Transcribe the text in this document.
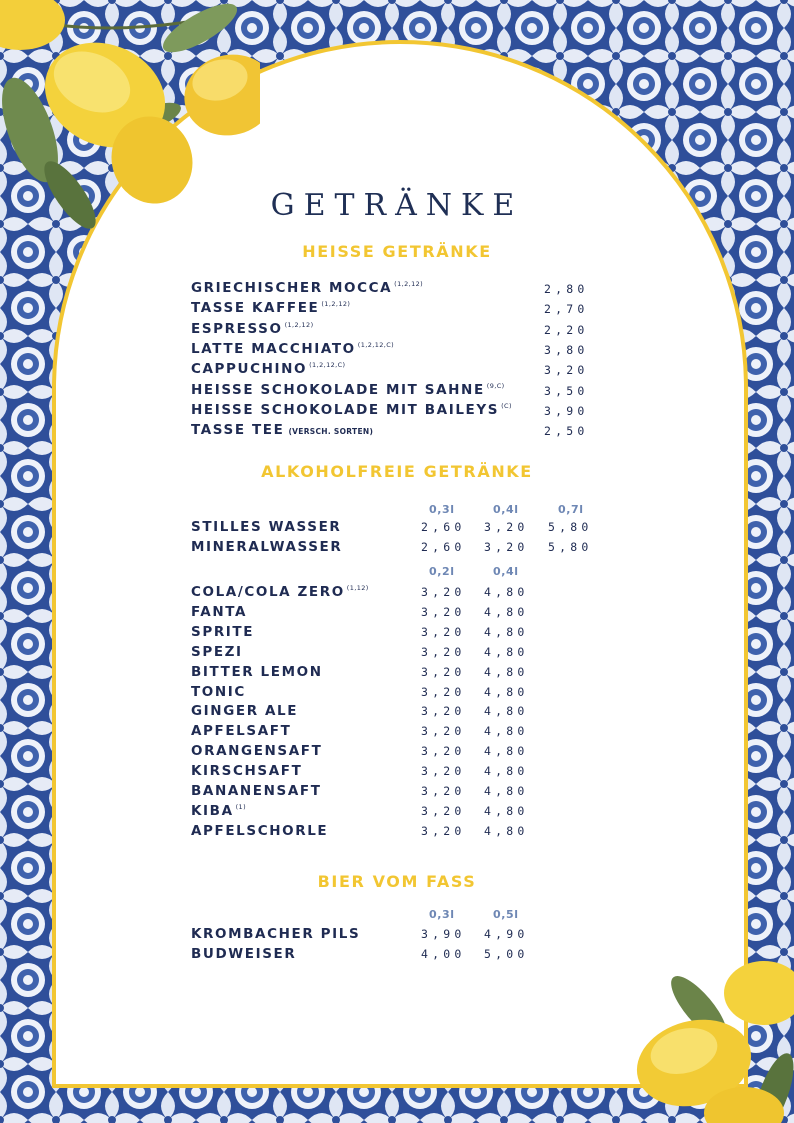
GETRÄNKE
HEISSE GETRÄNKE
ALKOHOLFREIE GETRÄNKE
BIER VOM FASS
GRIECHISCHER MOCCA $^{(1,2,12)}$	2,80
TASSE KAFFEE $^{(1,2,12)}$	2,70
ESPRESSO $^{(1,2,12)}$	2,20
LATTE MACCHIATO $^{(1,2,12,C)}$	3,80
CAPPUCHINO $^{(1,2,12,C)}$	3,20
HEISSE SCHOKOLADE MIT SAHNE $^{(9,C)}$	3,50
HEISSE SCHOKOLADE MIT BAILEYS $^{(C)}$	3,90
TASSE TEE (VERSCH. SORTEN)	2,50
0,3l	0,4l	0,7l
STILLES WASSER	2,60 3,20 5,80
MINERALWASSER	2,60 3,20 5,80
0,2l	0,4l
COLA/COLA ZERO $^{(1,12)}$	3,20 4,80
FANTA	3,20 4,80
SPRITE	3,20 4,80
SPEZI	3,20 4,80
BITTER LEMON	3,20 4,80
TONIC	3,20 4,80
GINGER ALE	3,20 4,80
APFELSAFT	3,20 4,80
ORANGENSAFT	3,20 4,80
KIRSCHSAFT	3,20 4,80
BANANENSAFT	3,20 4,80
KIBA $^{(1)}$	3,20 4,80
APFELSCHORLE	3,20 4,80
0,3l	0,5l
KROMBACHER PILS	3,90 4,90
BUDWEISER	4,00 5,00
